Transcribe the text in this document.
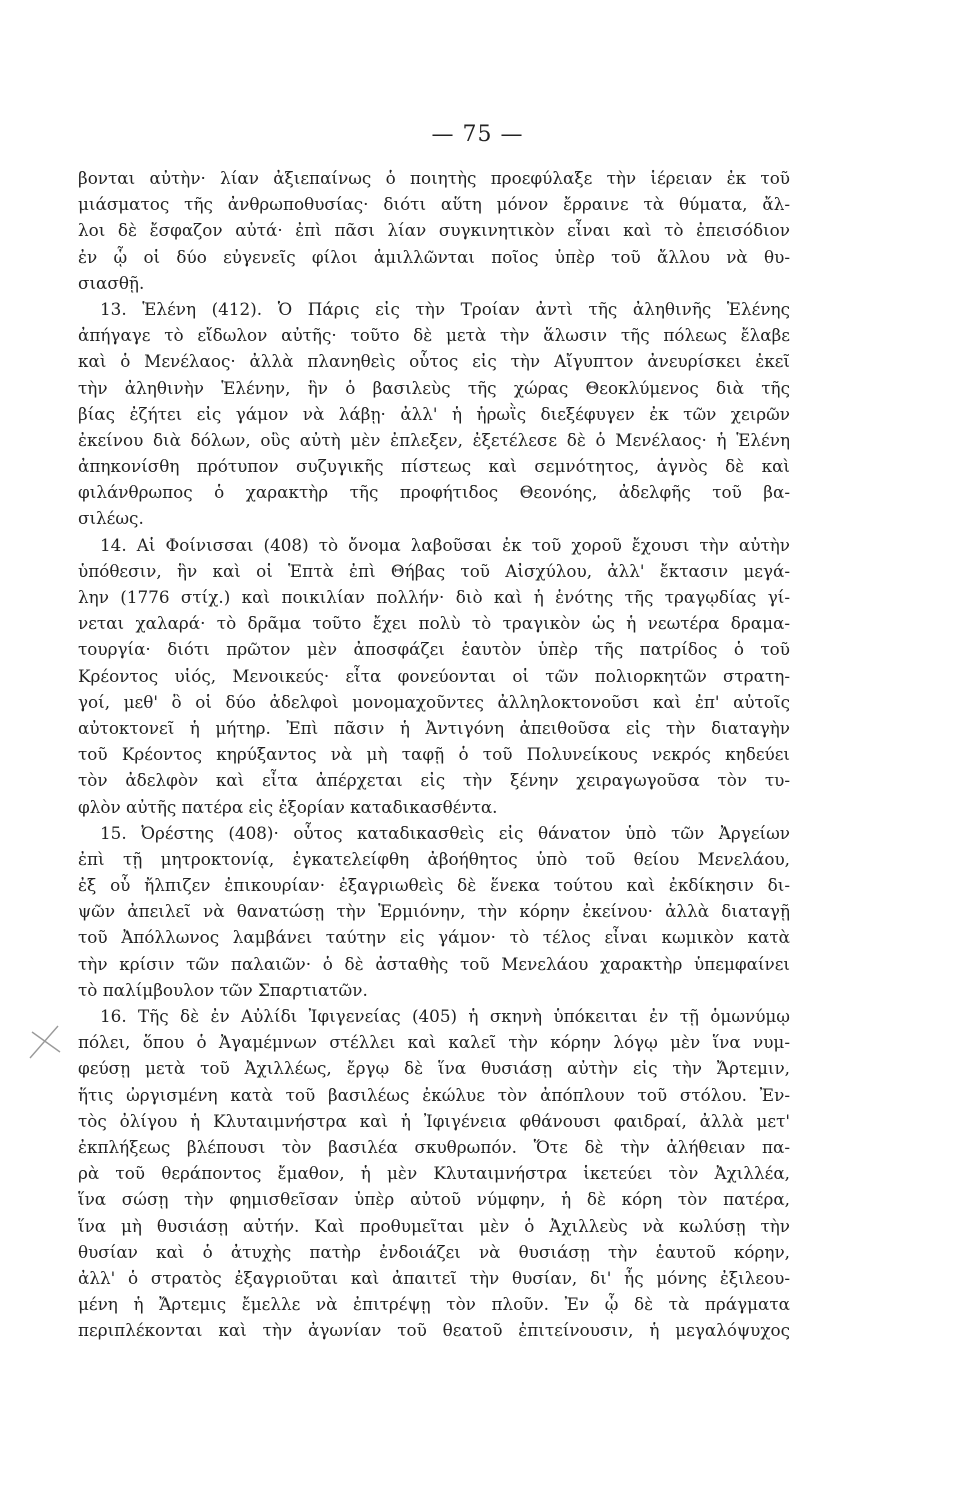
— 75 —
βονται αὐτὴν· λίαν ἀξιεπαίνως ὁ ποιητὴς προεφύλαξε τὴν ἱέρειαν ἐκ τοῦ
μιάσματος τῆς ἀνθρωποθυσίας· διότι αὕτη μόνον ἔρραινε τὰ θύματα, ἄλ-
λοι δὲ ἔσφαζον αὐτά· ἐπὶ πᾶσι λίαν συγκινητικὸν εἶναι καὶ τὸ ἐπεισόδιον
ἐν ᾧ οἱ δύο εὐγενεῖς φίλοι ἁμιλλῶνται ποῖος ὑπὲρ τοῦ ἄλλου νὰ θυ-
σιασθῇ.
13. Ἑλένη (412). Ὁ Πάρις εἰς τὴν Τροίαν ἀντὶ τῆς ἀληθινῆς Ἑλένης
ἀπήγαγε τὸ εἴδωλον αὐτῆς· τοῦτο δὲ μετὰ τὴν ἅλωσιν τῆς πόλεως ἔλαβε
καὶ ὁ Μενέλαος· ἀλλὰ πλανηθεὶς οὗτος εἰς τὴν Αἴγυπτον ἀνευρίσκει ἐκεῖ
τὴν ἀληθινὴν Ἑλένην, ἣν ὁ βασιλεὺς τῆς χώρας Θεοκλύμενος διὰ τῆς
βίας ἐζήτει εἰς γάμον νὰ λάβῃ· ἀλλ' ἡ ἡρωῒς διεξέφυγεν ἐκ τῶν χειρῶν
ἐκείνου διὰ δόλων, οὓς αὐτὴ μὲν ἐπλεξεν, ἐξετέλεσε δὲ ὁ Μενέλαος· ἡ Ἑλένη
ἀπηκονίσθη πρότυπον συζυγικῆς πίστεως καὶ σεμνότητος, ἁγνὸς δὲ καὶ
φιλάνθρωπος ὁ χαρακτὴρ τῆς προφήτιδος Θεονόης, ἀδελφῆς τοῦ βα-
σιλέως.
14. Αἱ Φοίνισσαι (408) τὸ ὄνομα λαβοῦσαι ἐκ τοῦ χοροῦ ἔχουσι τὴν αὐτὴν
ὑπόθεσιν, ἣν καὶ οἱ Ἑπτὰ ἐπὶ Θήβας τοῦ Αἰσχύλου, ἀλλ' ἔκτασιν μεγά-
λην (1776 στίχ.) καὶ ποικιλίαν πολλήν· διὸ καὶ ἡ ἑνότης τῆς τραγῳδίας γί-
νεται χαλαρά· τὸ δρᾶμα τοῦτο ἔχει πολὺ τὸ τραγικὸν ὡς ἡ νεωτέρα δραμα-
τουργία· διότι πρῶτον μὲν ἀποσφάζει ἑαυτὸν ὑπὲρ τῆς πατρίδος ὁ τοῦ
Κρέοντος υἱός, Μενοικεύς· εἶτα φονεύονται οἱ τῶν πολιορκητῶν στρατη-
γοί, μεθ' ὃ οἱ δύο ἀδελφοὶ μονομαχοῦντες ἀλληλοκτονοῦσι καὶ ἐπ' αὐτοῖς
αὐτοκτονεῖ ἡ μήτηρ. Ἐπὶ πᾶσιν ἡ Ἀντιγόνη ἀπειθοῦσα εἰς τὴν διαταγὴν
τοῦ Κρέοντος κηρύξαντος νὰ μὴ ταφῇ ὁ τοῦ Πολυνείκους νεκρός κηδεύει
τὸν ἀδελφὸν καὶ εἶτα ἀπέρχεται εἰς τὴν ξένην χειραγωγοῦσα τὸν τυ-
φλὸν αὐτῆς πατέρα εἰς ἐξορίαν καταδικασθέντα.
15. Ὀρέστης (408)· οὗτος καταδικασθεὶς εἰς θάνατον ὑπὸ τῶν Ἀργείων
ἐπὶ τῇ μητροκτονίᾳ, ἐγκατελείφθη ἀβοήθητος ὑπὸ τοῦ θείου Μενελάου,
ἐξ οὗ ἤλπιζεν ἐπικουρίαν· ἐξαγριωθεὶς δὲ ἕνεκα τούτου καὶ ἐκδίκησιν δι-
ψῶν ἀπειλεῖ νὰ θανατώσῃ τὴν Ἑρμιόνην, τὴν κόρην ἐκείνου· ἀλλὰ διαταγῇ
τοῦ Ἀπόλλωνος λαμβάνει ταύτην εἰς γάμον· τὸ τέλος εἶναι κωμικὸν κατὰ
τὴν κρίσιν τῶν παλαιῶν· ὁ δὲ ἀσταθὴς τοῦ Μενελάου χαρακτὴρ ὑπεμφαίνει
τὸ παλίμβουλον τῶν Σπαρτιατῶν.
16. Τῆς δὲ ἐν Αὐλίδι Ἰφιγενείας (405) ἡ σκηνὴ ὑπόκειται ἐν τῇ ὁμωνύμῳ
πόλει, ὅπου ὁ Ἀγαμέμνων στέλλει καὶ καλεῖ τὴν κόρην λόγῳ μὲν ἵνα νυμ-
φεύσῃ μετὰ τοῦ Ἀχιλλέως, ἔργῳ δὲ ἵνα θυσιάσῃ αὐτὴν εἰς τὴν Ἄρτεμιν,
ἥτις ὠργισμένη κατὰ τοῦ βασιλέως ἐκώλυε τὸν ἀπόπλουν τοῦ στόλου. Ἐν-
τὸς ὀλίγου ἡ Κλυταιμνήστρα καὶ ἡ Ἰφιγένεια φθάνουσι φαιδραί, ἀλλὰ μετ'
ἐκπλήξεως βλέπουσι τὸν βασιλέα σκυθρωπόν. Ὅτε δὲ τὴν ἀλήθειαν πα-
ρὰ τοῦ θεράποντος ἔμαθον, ἡ μὲν Κλυταιμνήστρα ἱκετεύει τὸν Ἀχιλλέα,
ἵνα σώσῃ τὴν φημισθεῖσαν ὑπὲρ αὐτοῦ νύμφην, ἡ δὲ κόρη τὸν πατέρα,
ἵνα μὴ θυσιάσῃ αὐτήν. Καὶ προθυμεῖται μὲν ὁ Ἀχιλλεὺς νὰ κωλύσῃ τὴν
θυσίαν καὶ ὁ ἀτυχὴς πατὴρ ἐνδοιάζει νὰ θυσιάσῃ τὴν ἑαυτοῦ κόρην,
ἀλλ' ὁ στρατὸς ἐξαγριοῦται καὶ ἀπαιτεῖ τὴν θυσίαν, δι' ἧς μόνης ἐξιλεου-
μένη ἡ Ἄρτεμις ἔμελλε νὰ ἐπιτρέψῃ τὸν πλοῦν. Ἐν ᾧ δὲ τὰ πράγματα
περιπλέκονται καὶ τὴν ἀγωνίαν τοῦ θεατοῦ ἐπιτείνουσιν, ἡ μεγαλόψυχος
